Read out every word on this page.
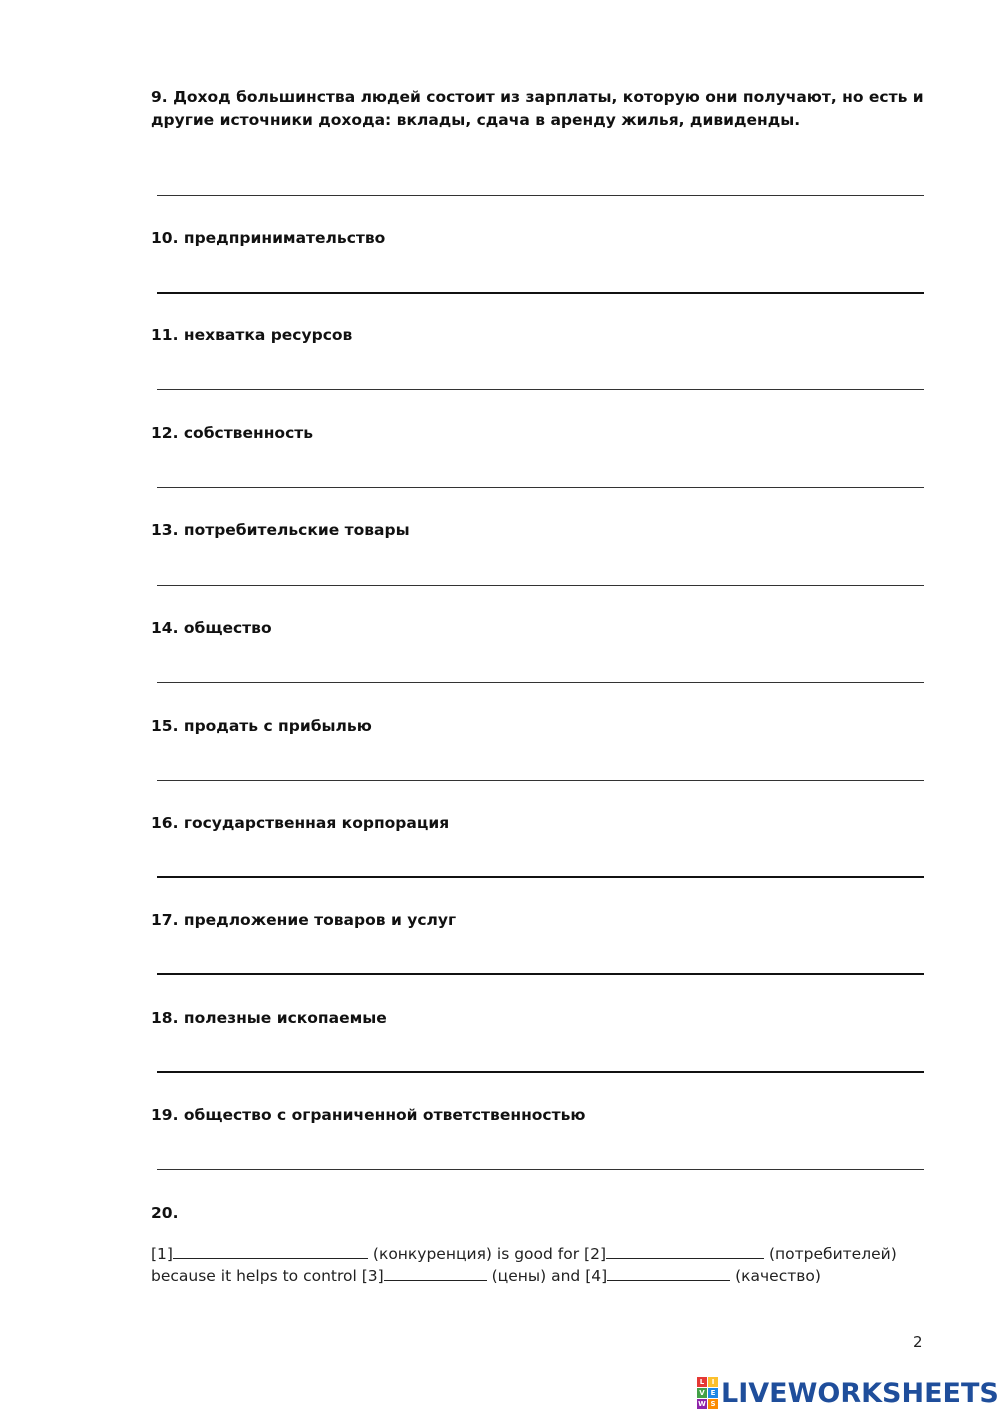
9. Доход большинства людей состоит из зарплаты, которую они получают, но есть и другие источники дохода: вклады, сдача в аренду жилья, дивиденды.
10. предпринимательство
11. нехватка ресурсов
12. собственность
13. потребительские товары
14. общество
15. продать с прибылью
16. государственная корпорация
17. предложение товаров и услуг
18. полезные ископаемые
19. общество с ограниченной ответственностью
20.
[1]	(конкуренция) is good for [2]	(потребителей)
because it helps to control [3]	(цены) and [4]	(качество)
2
L	I
V E
W S LIVEWORKSHEETS
